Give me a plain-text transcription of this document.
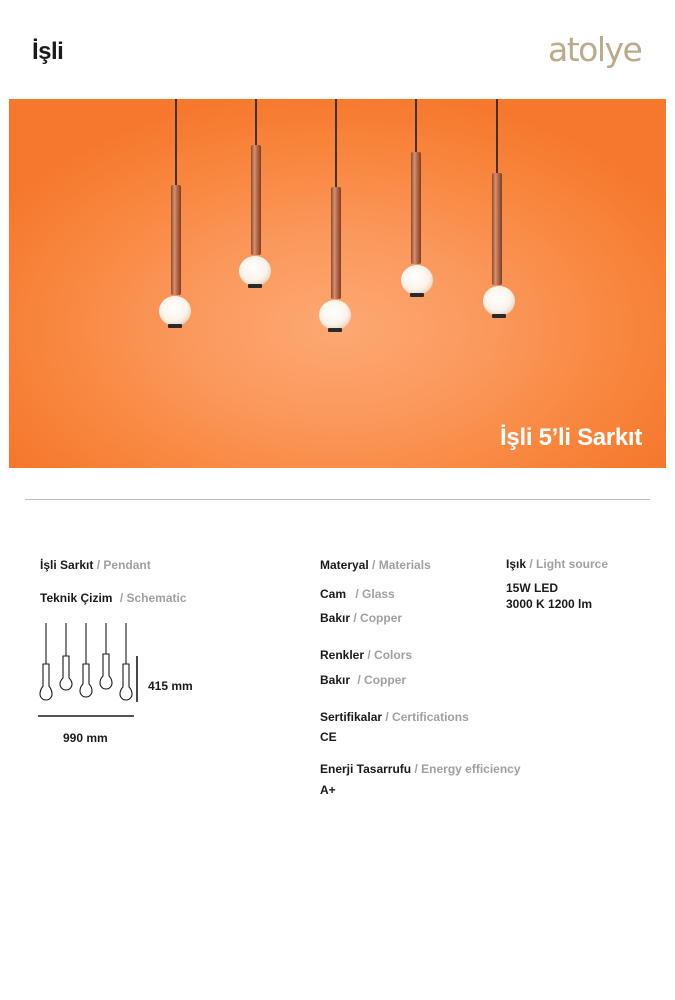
İşli	atolye
İşli 5’li Sarkıt
İşli Sarkıt / Pendant
Teknik Çizim / Schematic
415 mm
990 mm
Materyal / Materials
Cam / Glass
Bakır / Copper
Renkler / Colors
Bakır / Copper
Sertifikalar / Certifications
CE
Enerji Tasarrufu / Energy efficiency
A+
Işık / Light source
15W LED
3000 K 1200 lm
